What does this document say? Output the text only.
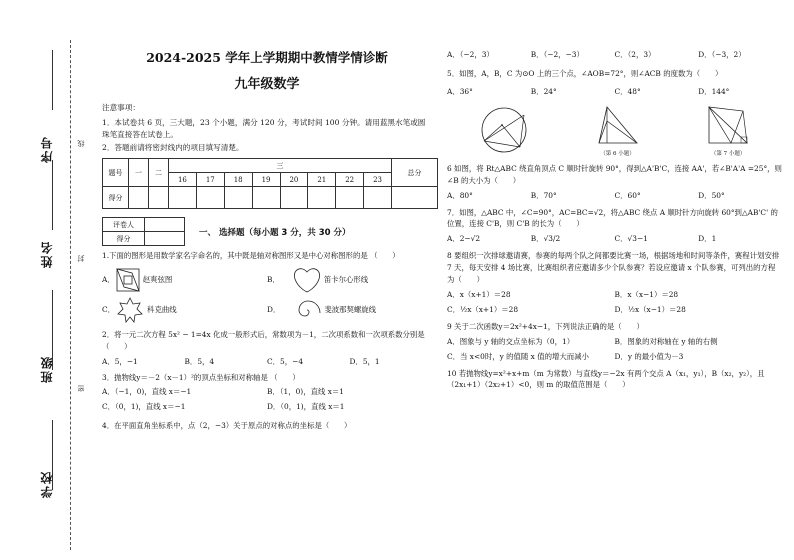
学校
班级
姓名
序号
密
封
线
2024-2025 学年上学期期中教情学情诊断
九年级数学
注意事项：

1．本试卷共 6 页，三大题，23 个小题，满分 120 分，考试时间 100 分钟。请用蓝黑水笔或圆珠笔直接答在试卷上。

2．答题前请将密封线内的项目填写清楚。

题号	一	二	三								总分
			16	17	18	19	20	21	22	23	
得分											
评卷人	
得分	
一、 选择题（每小题 3 分，共 30 分）
1.下面的图形是用数学家名字命名的，其中既是轴对称图形又是中心对称图形的是 （　　）
A．	赵爽弦图	B．	笛卡尔心形线
C．	科克曲线	D．	斐波那契螺旋线
2．将一元二次方程 5x² − 1=4x 化成一般形式后，常数项为－1，二次项系数和一次项系数分别是 （　　）
A．5，−1	B．5，4	C．5，−4	D．5，1
3．抛物线y＝－2（x－1）²的顶点坐标和对称轴是 （　　）
A．（−1，0)，直线 x＝−1	B．（1，0)，直线 x＝1
C．（0，1)，直线 x＝−1	D．（0，1)，直线 x＝1
4．在平面直角坐标系中，点（2，−3）关于原点的对称点的坐标是（　　）
A．（−2，3）	B．（−2，−3）	C．（2，3）	D．（−3，2）
5．如图，A，B，C 为⊙O 上的三个点，∠AOB=72°，则∠ACB 的度数为（　　）
A．36°	B．24°	C．48°	D．144°
（第 6 小题）	（第 7 小题）
6 如图，将 Rt△ABC 绕直角顶点 C 顺时针旋转 90°，得到△A'B'C，连接 AA'，若∠B'A'A =25°，则∠B 的大小为（　　）
A．80°	B．70°	C．60°	D．50°
7．如图，△ABC 中，∠C=90°，AC=BC=√2，将△ABC 绕点 A 顺时针方向旋转 60°到△AB'C' 的位置，连接 C'B，则 C'B 的长为（　　）
A．2−√2	B．√3/2	C．√3−1	D．1
8 要组织一次排球邀请赛，参赛的每两个队之间都要比赛一场，根据场地和时间等条件，赛程计划安排 7 天，每天安排 4 场比赛，比赛组织者应邀请多少个队参赛？若设应邀请 x 个队参赛，可列出的方程为（　　）
A．x（x+1）＝28	B．x（x−1）＝28
C．½x（x+1）＝28	D．½x（x−1）＝28
9 关于二次函数y＝2x²+4x−1，下列说法正确的是（　　）
A．图象与 y 轴的交点坐标为（0，1）	B．图象的对称轴在 y 轴的右侧
C．当 x<0时，y 的值随 x 值的增大而减小	D．y 的最小值为－3
10 若抛物线y=x²+x+m（m 为常数）与直线y＝−2x 有两个交点 A（x₁，y₁），B（x₂，y₂），且（2x₁+1）（2x₂+1）<0，则 m 的取值范围是（　　）
